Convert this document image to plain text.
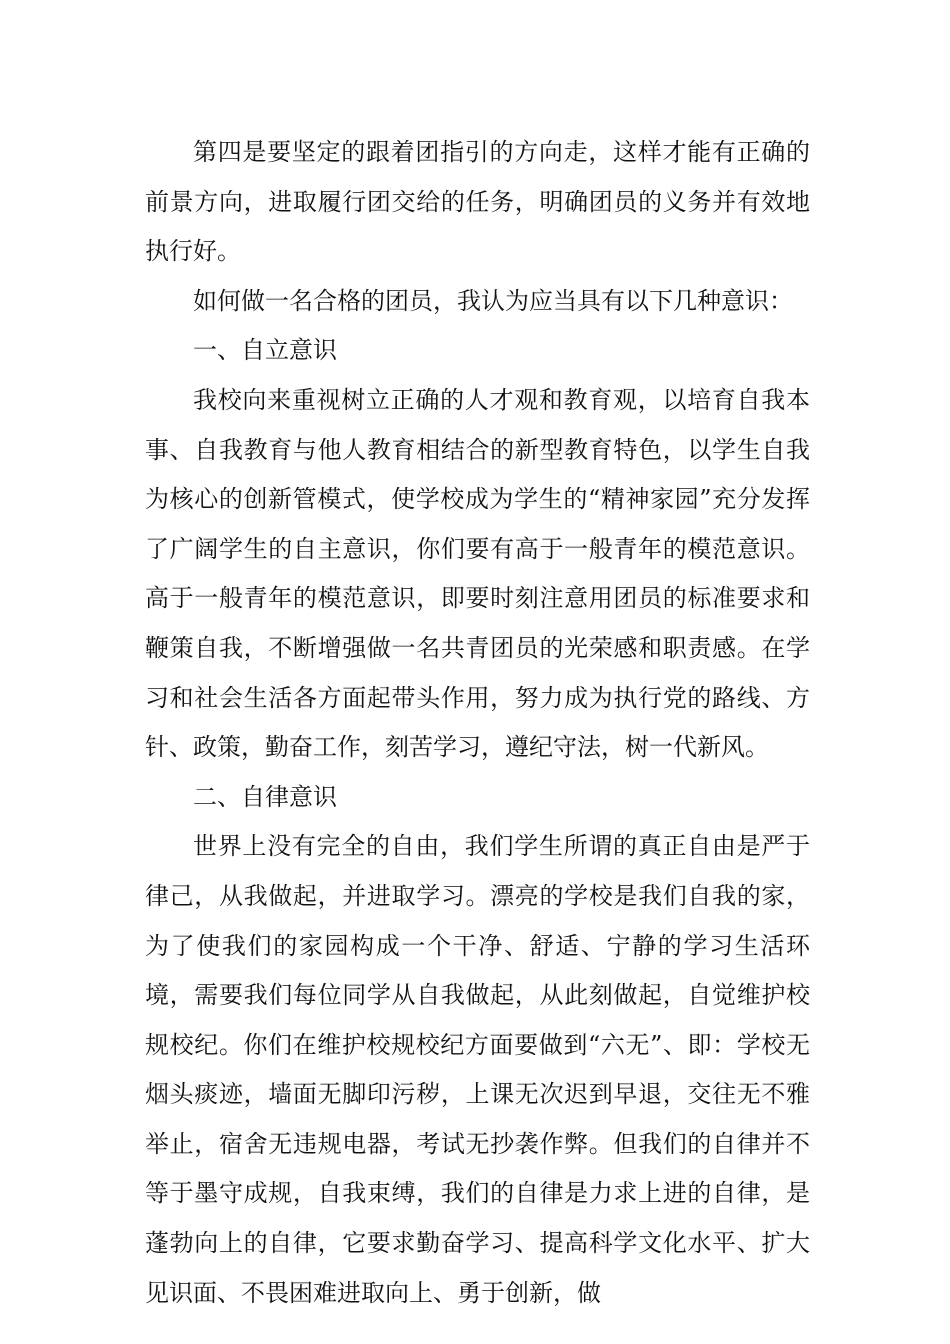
第四是要坚定的跟着团指引的方向走，这样才能有正确的前景方向，进取履行团交给的任务，明确团员的义务并有效地执行好。

如何做一名合格的团员，我认为应当具有以下几种意识：

一、自立意识

我校向来重视树立正确的人才观和教育观，以培育自我本事、自我教育与他人教育相结合的新型教育特色，以学生自我为核心的创新管模式，使学校成为学生的“精神家园”充分发挥了广阔学生的自主意识，你们要有高于一般青年的模范意识。高于一般青年的模范意识，即要时刻注意用团员的标准要求和鞭策自我，不断增强做一名共青团员的光荣感和职责感。在学习和社会生活各方面起带头作用，努力成为执行党的路线、方针、政策，勤奋工作，刻苦学习，遵纪守法，树一代新风。

二、自律意识

世界上没有完全的自由，我们学生所谓的真正自由是严于律己，从我做起，并进取学习。漂亮的学校是我们自我的家，为了使我们的家园构成一个干净、舒适、宁静的学习生活环境，需要我们每位同学从自我做起，从此刻做起，自觉维护校规校纪。你们在维护校规校纪方面要做到“六无”、即：学校无烟头痰迹，墙面无脚印污秽，上课无次迟到早退，交往无不雅举止，宿舍无违规电器，考试无抄袭作弊。但我们的自律并不等于墨守成规，自我束缚，我们的自律是力求上进的自律，是蓬勃向上的自律，它要求勤奋学习、提高科学文化水平、扩大见识面、不畏困难进取向上、勇于创新，做
